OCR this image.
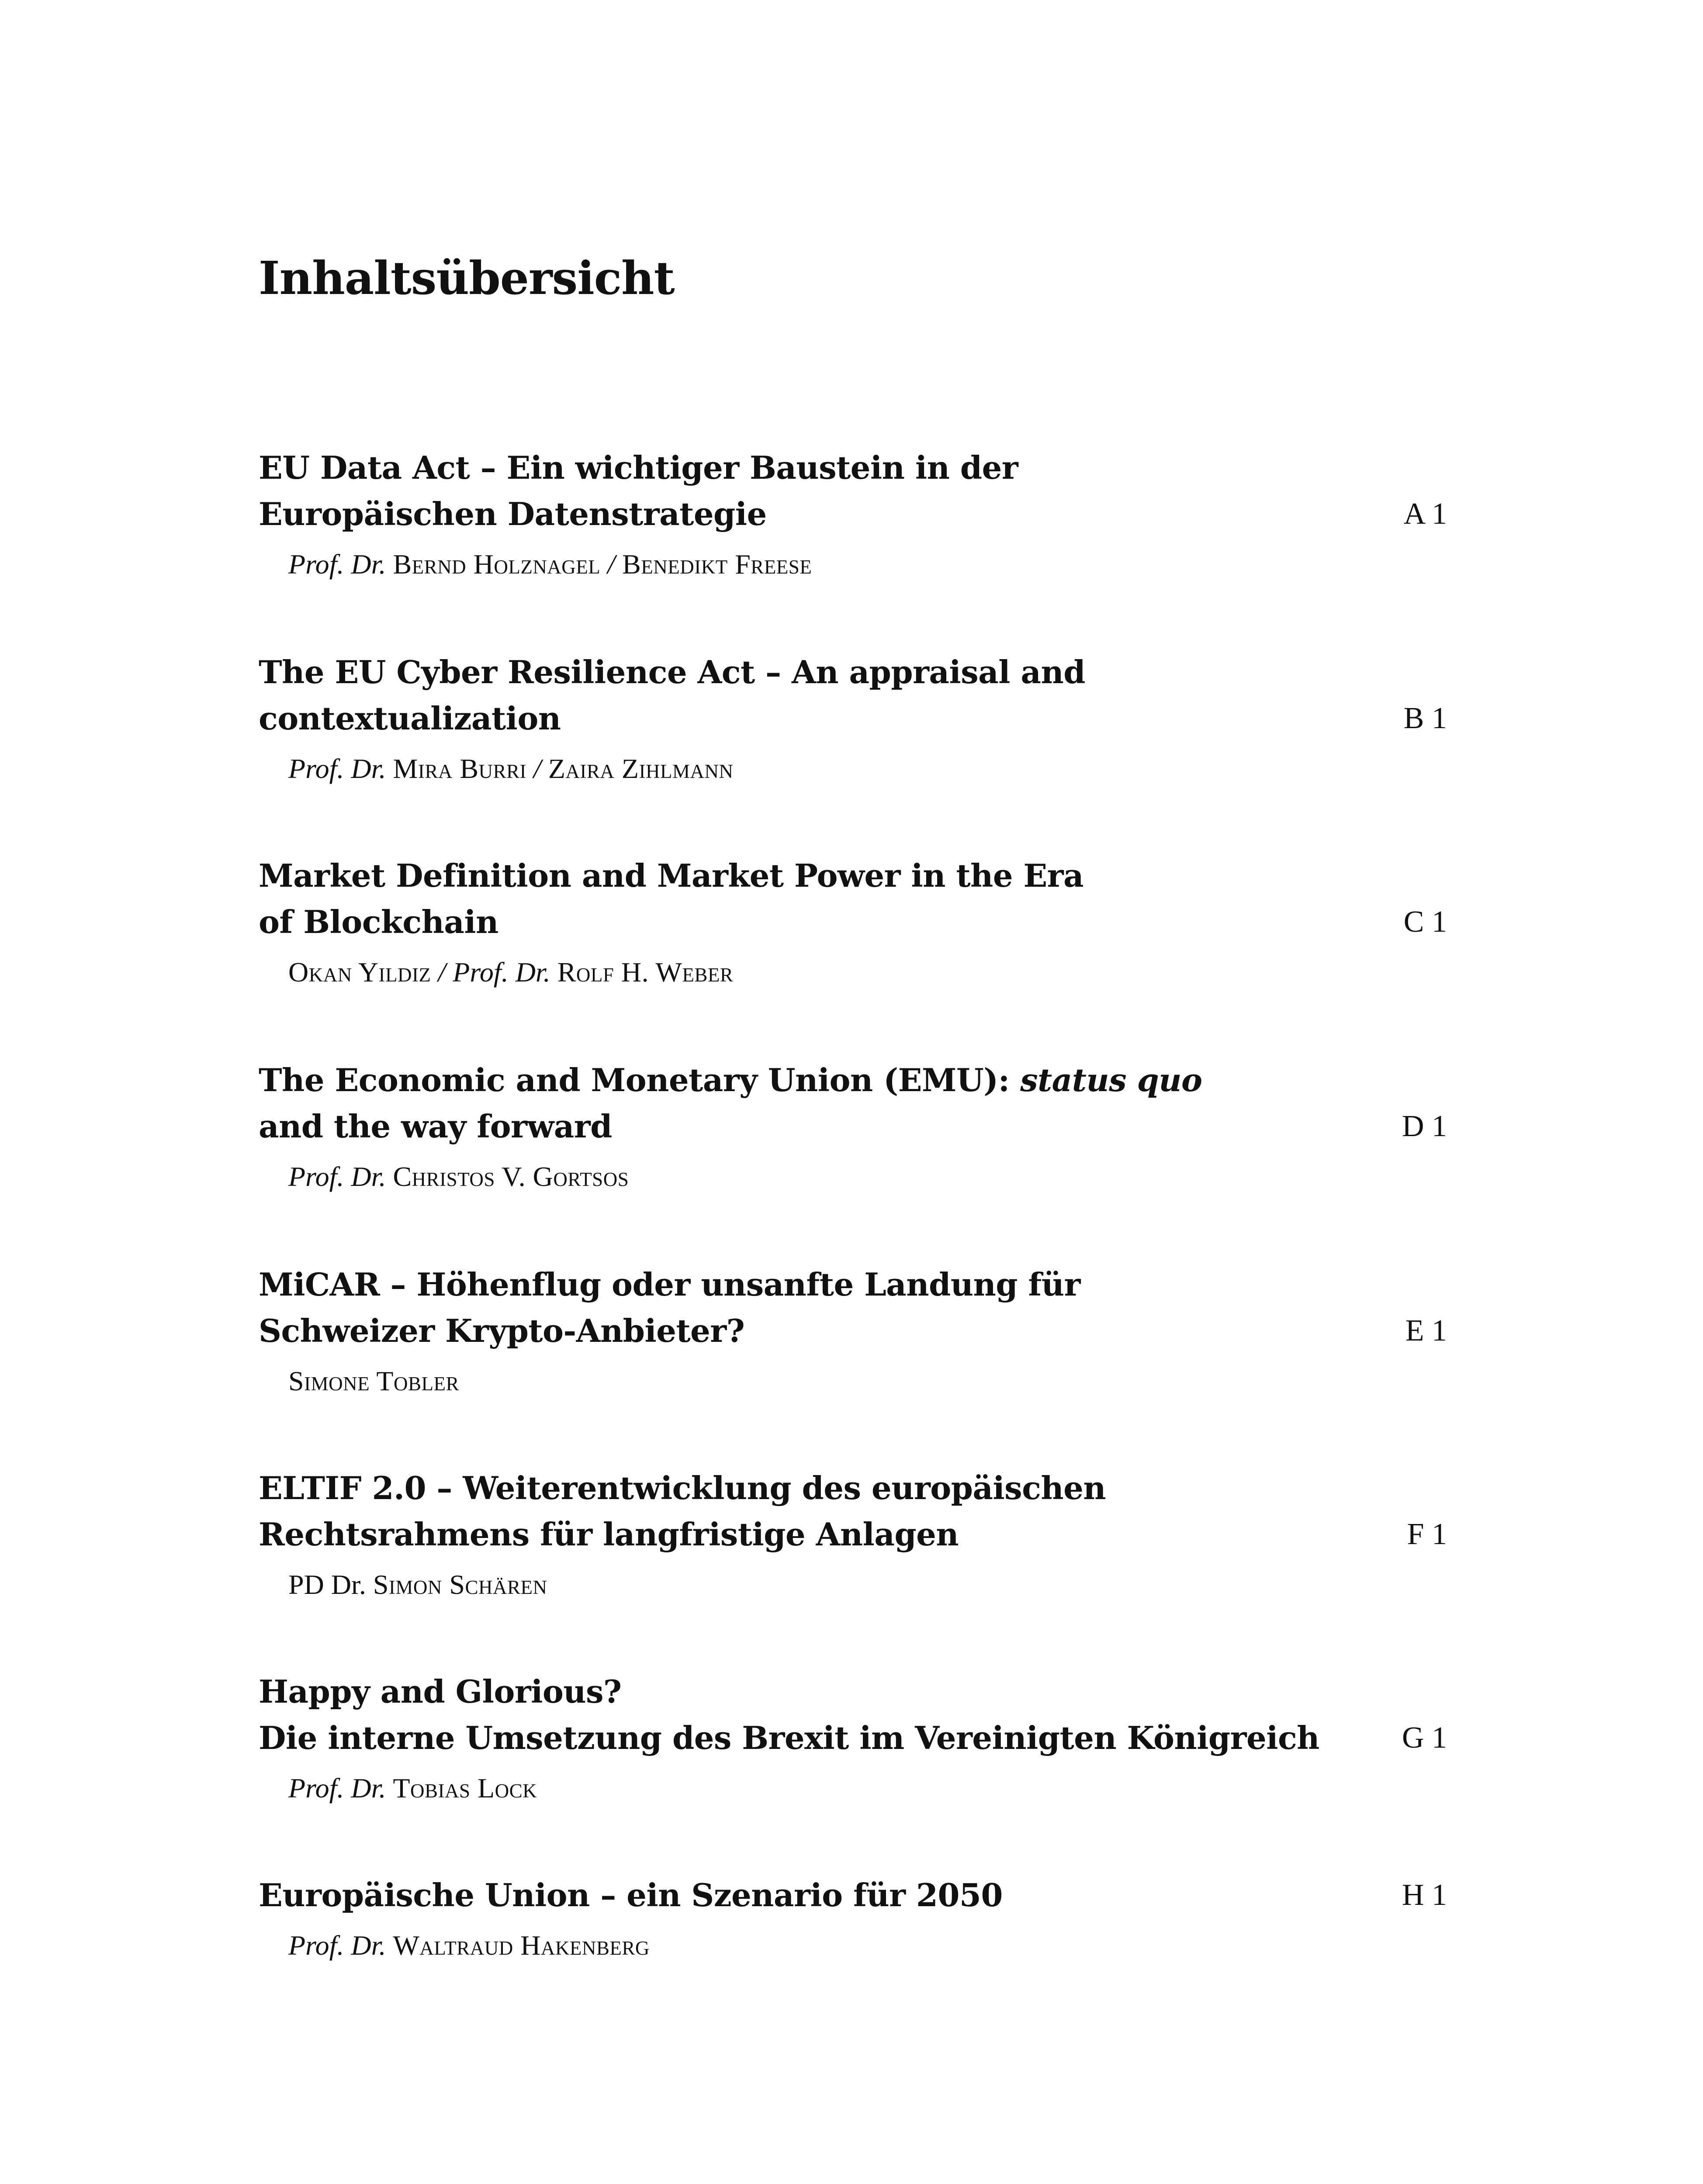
Inhaltsübersicht
EU Data Act – Ein wichtiger Baustein in der
Europäischen Datenstrategie
Prof. Dr. Bernd Holznagel / Benedikt Freese
A 1
The EU Cyber Resilience Act – An appraisal and
contextualization
Prof. Dr. Mira Burri / Zaira Zihlmann
B 1
Market Definition and Market Power in the Era
of Blockchain
Okan Yildiz / Prof. Dr. Rolf H. Weber
C 1
The Economic and Monetary Union (EMU): status quo
and the way forward
Prof. Dr. Christos V. Gortsos
D 1
MiCAR – Höhenflug oder unsanfte Landung für
Schweizer Krypto-Anbieter?
Simone Tobler
E 1
ELTIF 2.0 – Weiterentwicklung des europäischen
Rechtsrahmens für langfristige Anlagen
PD Dr. Simon Schären
F 1
Happy and Glorious?
Die interne Umsetzung des Brexit im Vereinigten Königreich
Prof. Dr. Tobias Lock
G 1
Europäische Union – ein Szenario für 2050
Prof. Dr. Waltraud Hakenberg
H 1
